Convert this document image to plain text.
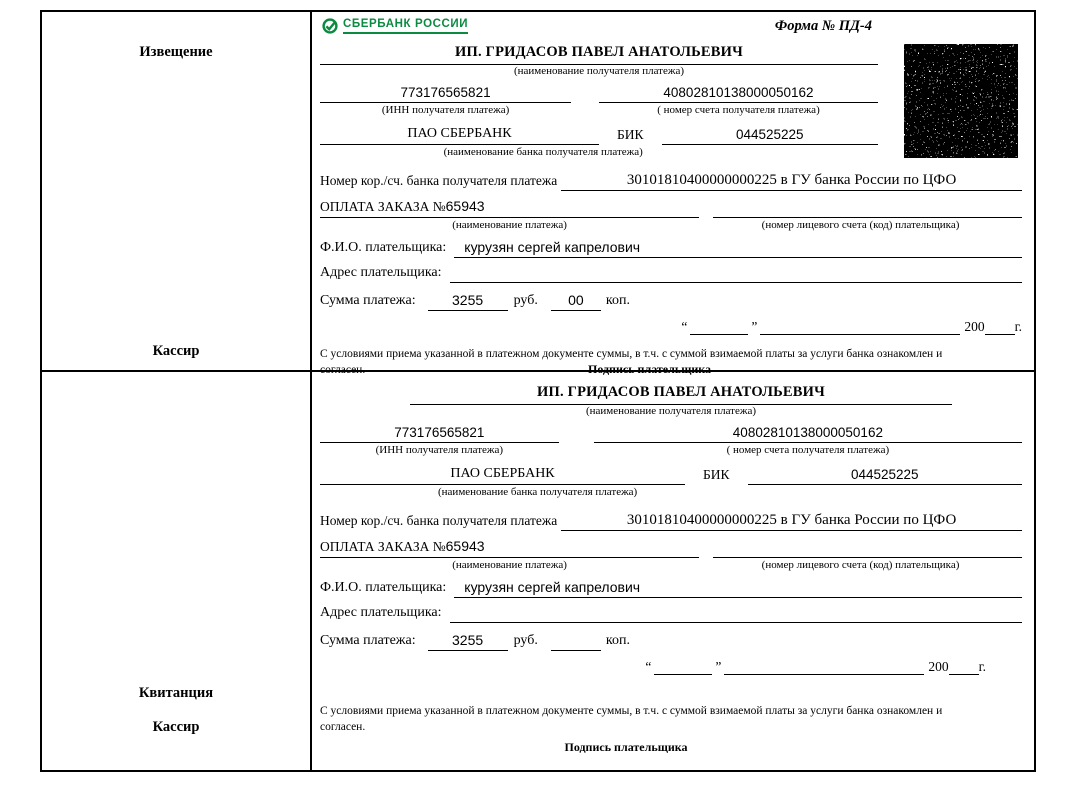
Извещение
Кассир
СБЕРБАНК РОССИИ	Форма № ПД-4
ИП. ГРИДАСОВ ПАВЕЛ АНАТОЛЬЕВИЧ
(наименование получателя платежа)
773176565821	40802810138000050162
(ИНН получателя платежа)	( номер счета получателя платежа)
ПАО СБЕРБАНК	БИК	044525225
(наименование банка получателя платежа)
Номер кор./сч. банка получателя платежа	30101810400000000225 в ГУ банка России по ЦФО
ОПЛАТА ЗАКАЗА №65943
(наименование платежа)	(номер лицевого счета (код) плательщика)
Ф.И.О. плательщика:	курузян сергей капрелович
Адрес плательщика:
Сумма платежа:	3255	руб.	00	коп.
“	”	200 г.

С условиями приема указанной в платежном документе суммы, в т.ч. с суммой взимаемой платы за услуги банка ознакомлен и согласен.	Подпись плательщика
Квитанция
Кассир
ИП. ГРИДАСОВ ПАВЕЛ АНАТОЛЬЕВИЧ
(наименование получателя платежа)
773176565821	40802810138000050162
(ИНН получателя платежа)	( номер счета получателя платежа)
ПАО СБЕРБАНК	БИК	044525225
(наименование банка получателя платежа)
Номер кор./сч. банка получателя платежа	30101810400000000225 в ГУ банка России по ЦФО
ОПЛАТА ЗАКАЗА №65943
(наименование платежа)	(номер лицевого счета (код) плательщика)
Ф.И.О. плательщика:	курузян сергей капрелович
Адрес плательщика:
Сумма платежа:	3255	руб.	коп.
“	”	200 г.

С условиями приема указанной в платежном документе суммы, в т.ч. с суммой взимаемой платы за услуги банка ознакомлен и согласен.

Подпись плательщика
